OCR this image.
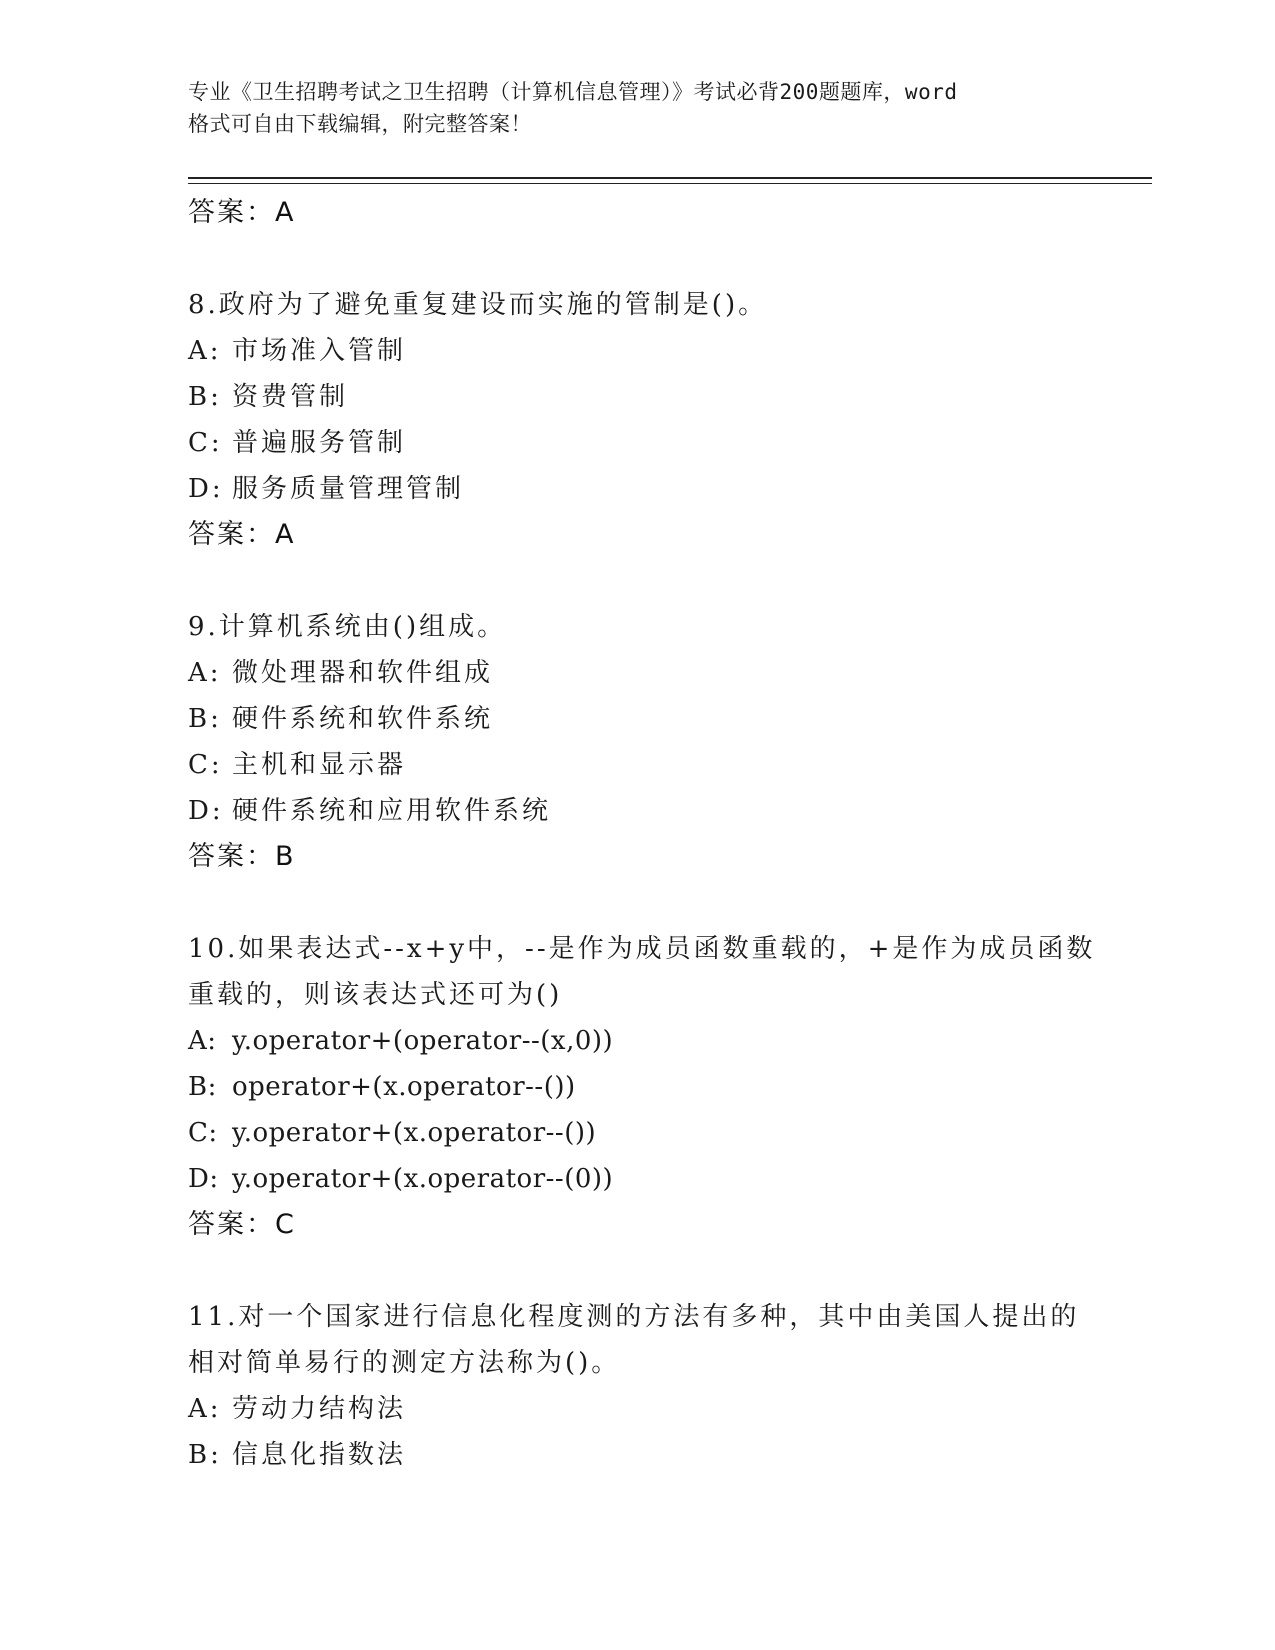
专业《卫生招聘考试之卫生招聘（计算机信息管理）》考试必背200题题库，word
格式可自由下载编辑，附完整答案！
答案：A
8.政府为了避免重复建设而实施的管制是()。
A: 市场准入管制
B: 资费管制
C: 普遍服务管制
D: 服务质量管理管制
答案：A
9.计算机系统由()组成。
A: 微处理器和软件组成
B: 硬件系统和软件系统
C: 主机和显示器
D: 硬件系统和应用软件系统
答案：B
10.如果表达式--x+y中，--是作为成员函数重载的，+是作为成员函数
重载的，则该表达式还可为()
A: y.operator+(operator--(x,0))
B: operator+(x.operator--())
C: y.operator+(x.operator--())
D: y.operator+(x.operator--(0))
答案：C
11.对一个国家进行信息化程度测的方法有多种，其中由美国人提出的
相对简单易行的测定方法称为()。
A: 劳动力结构法
B: 信息化指数法
